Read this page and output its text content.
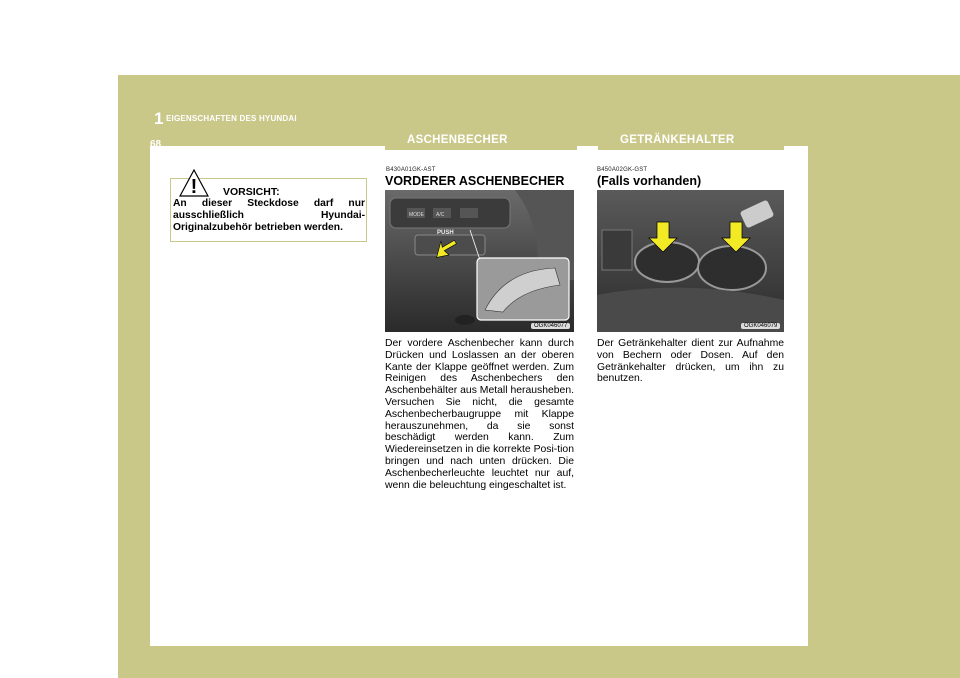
1 EIGENSCHAFTEN DES HYUNDAI
68	ASCHENBECHER	GETRÄNKEHALTER
! VORSICHT:
An dieser Steckdose darf nur ausschließlich Hyundai-Originalzubehör betrieben werden.
B430A01GK-AST
VORDERER ASCHENBECHER
MODE A/C
PUSH
OGK046077
Der vordere Aschenbecher kann durch Drücken und Loslassen an der oberen Kante der Klappe geöffnet werden. Zum Reinigen des Aschenbechers den Aschenbehälter aus Metall herausheben. Versuchen Sie nicht, die gesamte Aschenbecherbaugruppe mit Klappe herauszunehmen, da sie sonst beschädigt werden kann. Zum Wiedereinsetzen in die korrekte Posi-tion bringen und nach unten drücken. Die Aschenbecherleuchte leuchtet nur auf, wenn die beleuchtung eingeschaltet ist.
B450A02GK-GST
(Falls vorhanden)
OGK046079
Der Getränkehalter dient zur Aufnahme von Bechern oder Dosen. Auf den Getränkehalter drücken, um ihn zu benutzen.
